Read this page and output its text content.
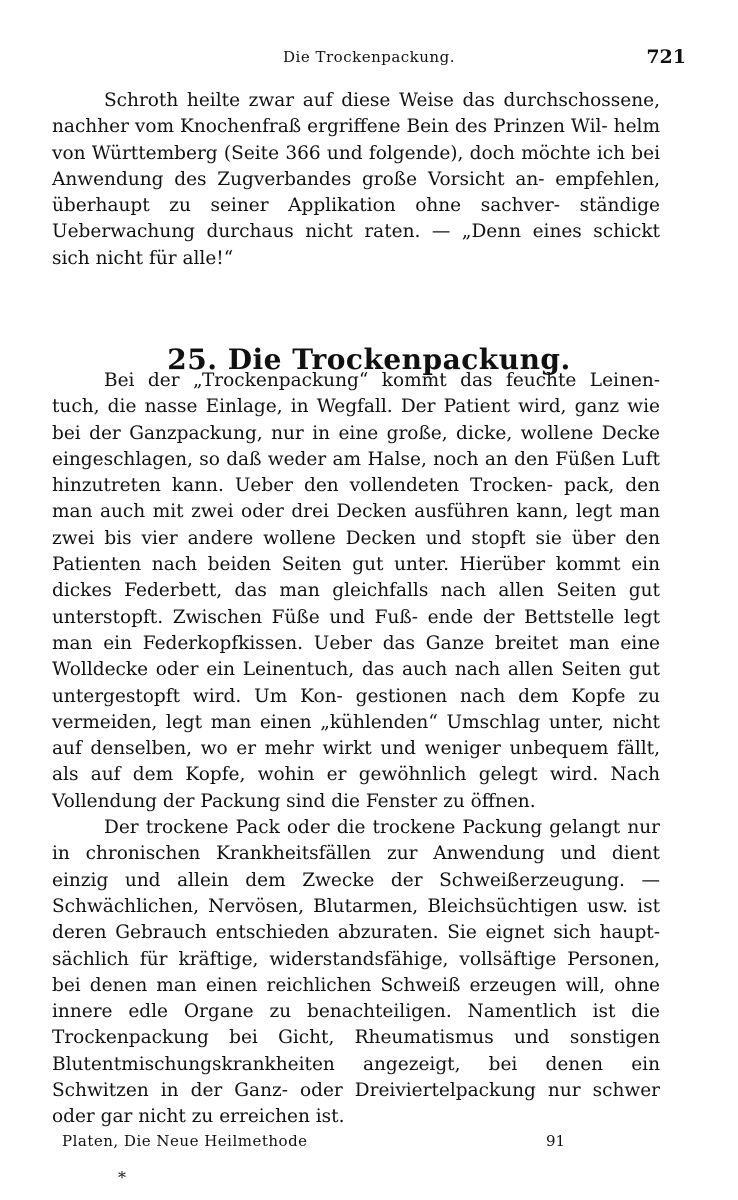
Die Trockenpackung.	721

Schroth heilte zwar auf diese Weise das durchschossene, nachher vom Knochenfraß ergriffene Bein des Prinzen Wil- helm von Württemberg (Seite 366 und folgende), doch möchte ich bei Anwendung des Zugverbandes große Vorsicht an- empfehlen, überhaupt zu seiner Applikation ohne sachver- ständige Ueberwachung durchaus nicht raten. — „Denn eines schickt sich nicht für alle!“

25. Die Trockenpackung.

Bei der „Trockenpackung“ kommt das feuchte Leinen- tuch, die nasse Einlage, in Wegfall. Der Patient wird, ganz wie bei der Ganzpackung, nur in eine große, dicke, wollene Decke eingeschlagen, so daß weder am Halse, noch an den Füßen Luft hinzutreten kann. Ueber den vollendeten Trocken- pack, den man auch mit zwei oder drei Decken ausführen kann, legt man zwei bis vier andere wollene Decken und stopft sie über den Patienten nach beiden Seiten gut unter. Hierüber kommt ein dickes Federbett, das man gleichfalls nach allen Seiten gut unterstopft. Zwischen Füße und Fuß- ende der Bettstelle legt man ein Federkopfkissen. Ueber das Ganze breitet man eine Wolldecke oder ein Leinentuch, das auch nach allen Seiten gut untergestopft wird. Um Kon- gestionen nach dem Kopfe zu vermeiden, legt man einen „kühlenden“ Umschlag unter, nicht auf denselben, wo er mehr wirkt und weniger unbequem fällt, als auf dem Kopfe, wohin er gewöhnlich gelegt wird. Nach Vollendung der Packung sind die Fenster zu öffnen.

Der trockene Pack oder die trockene Packung gelangt nur in chronischen Krankheitsfällen zur Anwendung und dient einzig und allein dem Zwecke der Schweißerzeugung. — Schwächlichen, Nervösen, Blutarmen, Bleichsüchtigen usw. ist deren Gebrauch entschieden abzuraten. Sie eignet sich haupt- sächlich für kräftige, widerstandsfähige, vollsäftige Personen, bei denen man einen reichlichen Schweiß erzeugen will, ohne innere edle Organe zu benachteiligen. Namentlich ist die Trockenpackung bei Gicht, Rheumatismus und sonstigen Blutentmischungskrankheiten angezeigt, bei denen ein Schwitzen in der Ganz- oder Dreiviertelpackung nur schwer oder gar nicht zu erreichen ist.

Platen, Die Neue Heilmethode	91
*
